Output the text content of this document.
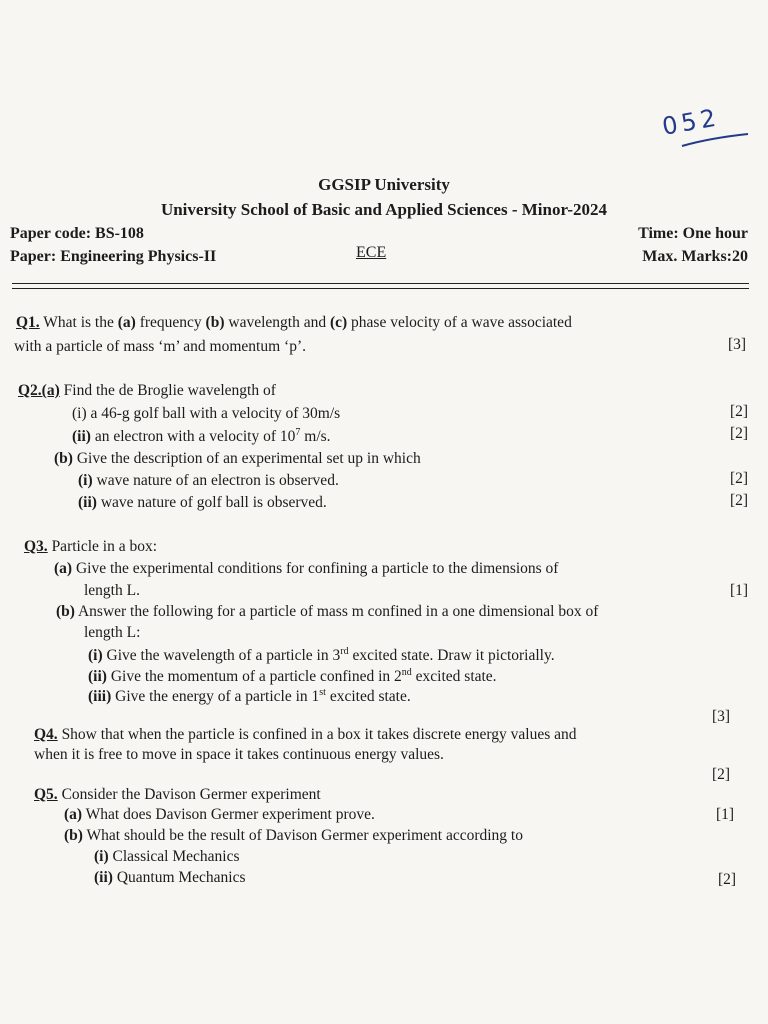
052
GGSIP University
University School of Basic and Applied Sciences - Minor-2024
Paper code: BS-108	Time: One hour
Paper: Engineering Physics-II	ECE	Max. Marks:20
Q1. What is the (a) frequency (b) wavelength and (c) phase velocity of a wave associated
with a particle of mass ‘m’ and momentum ‘p’.	[3]
Q2.(a) Find the de Broglie wavelength of
(i) a 46-g golf ball with a velocity of 30m/s	[2]
(ii) an electron with a velocity of $10^7$ m/s.	[2]
(b) Give the description of an experimental set up in which
(i) wave nature of an electron is observed.	[2]
(ii) wave nature of golf ball is observed.	[2]
Q3. Particle in a box:
(a) Give the experimental conditions for confining a particle to the dimensions of
length L.	[1]
(b) Answer the following for a particle of mass m confined in a one dimensional box of
length L:
(i) Give the wavelength of a particle in 3rd excited state. Draw it pictorially.
(ii) Give the momentum of a particle confined in 2nd excited state.
(iii) Give the energy of a particle in 1st excited state.
[3]
Q4. Show that when the particle is confined in a box it takes discrete energy values and
when it is free to move in space it takes continuous energy values.
[2]
Q5. Consider the Davison Germer experiment
(a) What does Davison Germer experiment prove.	[1]
(b) What should be the result of Davison Germer experiment according to
(i) Classical Mechanics
(ii) Quantum Mechanics	[2]
